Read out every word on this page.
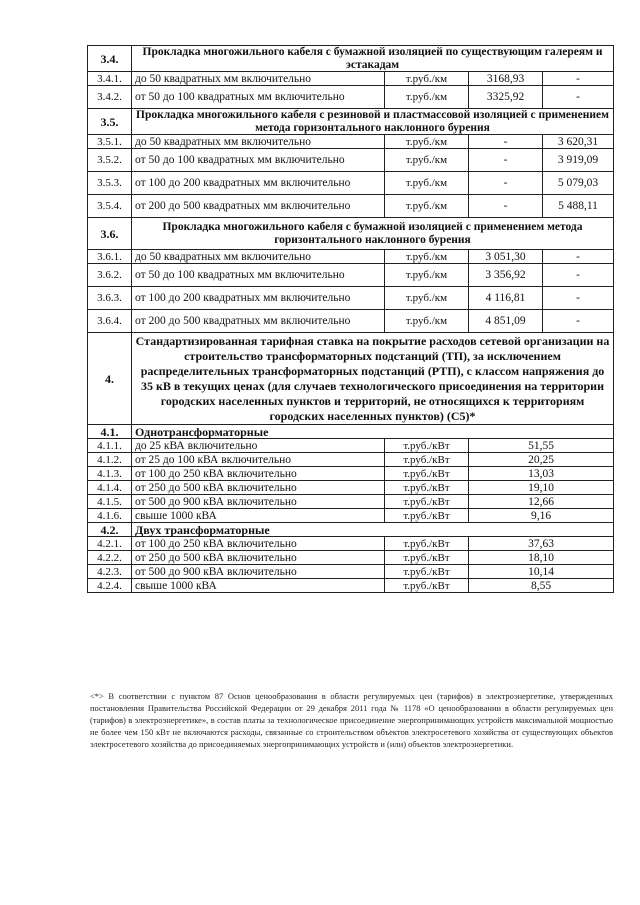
3.4.	Прокладка многожильного кабеля с бумажной изоляцией по существующим галереям и эстакадам			
3.4.1.	до 50 квадратных мм включительно	т.руб./км	3168,93	-
3.4.2.	от 50 до 100 квадратных мм включительно	т.руб./км	3325,92	-
3.5.	Прокладка многожильного кабеля с резиновой и пластмассовой изоляцией с применением метода горизонтального наклонного бурения			
3.5.1.	до 50 квадратных мм включительно	т.руб./км	-	3 620,31
3.5.2.	от 50 до 100 квадратных мм включительно	т.руб./км	-	3 919,09
3.5.3.	от 100 до 200 квадратных мм включительно	т.руб./км	-	5 079,03
3.5.4.	от 200 до 500 квадратных мм включительно	т.руб./км	-	5 488,11
3.6.	Прокладка многожильного кабеля с бумажной изоляцией с применением метода горизонтального наклонного бурения			
3.6.1.	до 50 квадратных мм включительно	т.руб./км	3 051,30	-
3.6.2.	от 50 до 100 квадратных мм включительно	т.руб./км	3 356,92	-
3.6.3.	от 100 до 200 квадратных мм включительно	т.руб./км	4 116,81	-
3.6.4.	от 200 до 500 квадратных мм включительно	т.руб./км	4 851,09	-
4.	Стандартизированная тарифная ставка на покрытие расходов сетевой организации на строительство трансформаторных подстанций (ТП), за исключением распределительных трансформаторных подстанций (РТП), с классом напряжения до 35 кВ в текущих ценах (для случаев технологического присоединения на территории городских населенных пунктов и территорий, не относящихся к территориям городских населенных пунктов) (С5)*			
4.1.	Однотрансформаторные			
4.1.1.	до 25 кВА включительно	т.руб./кВт	51,55	
4.1.2.	от 25 до 100 кВА включительно	т.руб./кВт	20,25	
4.1.3.	от 100 до 250 кВА включительно	т.руб./кВт	13,03	
4.1.4.	от 250 до 500 кВА включительно	т.руб./кВт	19,10	
4.1.5.	от 500 до 900 кВА включительно	т.руб./кВт	12,66	
4.1.6.	свыше 1000 кВА	т.руб./кВт	9,16	
4.2.	Двух трансформаторные			
4.2.1.	от 100 до 250 кВА включительно	т.руб./кВт	37,63	
4.2.2.	от 250 до 500 кВА включительно	т.руб./кВт	18,10	
4.2.3.	от 500 до 900 кВА включительно	т.руб./кВт	10,14	
4.2.4.	свыше 1000 кВА	т.руб./кВт	8,55	
<*> В соответствии с пунктом 87 Основ ценообразования в области регулируемых цен (тарифов) в электроэнергетике, утвержденных постановления Правительства Российской Федерации от 29 декабря 2011 года № 1178 «О ценообразовании в области регулируемых цен (тарифов) в электроэнергетике», в состав платы за технологическое присоединение энергопринимающих устройств максимальной мощностью не более чем 150 кВт не включаются расходы, связанные со строительством объектов электросетевого хозяйства от существующих объектов электросетевого хозяйства до присоединяемых энергопринимающих устройств и (или) объектов электроэнергетики.
